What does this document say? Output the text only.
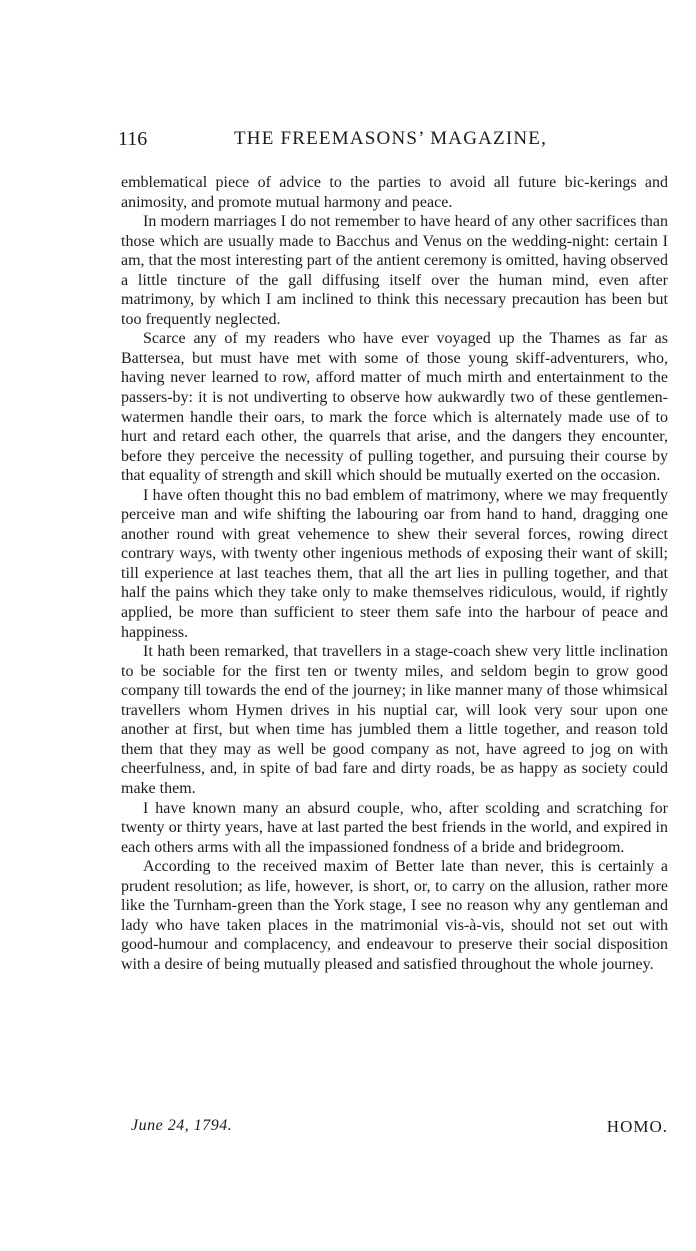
116	THE FREEMASONS’ MAGAZINE,

emblematical piece of advice to the parties to avoid all future bic-kerings and animosity, and promote mutual harmony and peace.

In modern marriages I do not remember to have heard of any other sacrifices than those which are usually made to Bacchus and Venus on the wedding-night: certain I am, that the most interesting part of the antient ceremony is omitted, having observed a little tincture of the gall diffusing itself over the human mind, even after matrimony, by which I am inclined to think this necessary precaution has been but too frequently neglected.

Scarce any of my readers who have ever voyaged up the Thames as far as Battersea, but must have met with some of those young skiff-adventurers, who, having never learned to row, afford matter of much mirth and entertainment to the passers-by: it is not undiverting to observe how aukwardly two of these gentlemen-watermen handle their oars, to mark the force which is alternately made use of to hurt and retard each other, the quarrels that arise, and the dangers they encounter, before they perceive the necessity of pulling together, and pursuing their course by that equality of strength and skill which should be mutually exerted on the occasion.

I have often thought this no bad emblem of matrimony, where we may frequently perceive man and wife shifting the labouring oar from hand to hand, dragging one another round with great vehemence to shew their several forces, rowing direct contrary ways, with twenty other ingenious methods of exposing their want of skill; till experience at last teaches them, that all the art lies in pulling together, and that half the pains which they take only to make themselves ridiculous, would, if rightly applied, be more than sufficient to steer them safe into the harbour of peace and happiness.

It hath been remarked, that travellers in a stage-coach shew very little inclination to be sociable for the first ten or twenty miles, and seldom begin to grow good company till towards the end of the journey; in like manner many of those whimsical travellers whom Hymen drives in his nuptial car, will look very sour upon one another at first, but when time has jumbled them a little together, and reason told them that they may as well be good company as not, have agreed to jog on with cheerfulness, and, in spite of bad fare and dirty roads, be as happy as society could make them.

I have known many an absurd couple, who, after scolding and scratching for twenty or thirty years, have at last parted the best friends in the world, and expired in each others arms with all the impassioned fondness of a bride and bridegroom.

According to the received maxim of Better late than never, this is certainly a prudent resolution; as life, however, is short, or, to carry on the allusion, rather more like the Turnham-green than the York stage, I see no reason why any gentleman and lady who have taken places in the matrimonial vis-à-vis, should not set out with good-humour and complacency, and endeavour to preserve their social disposition with a desire of being mutually pleased and satisfied throughout the whole journey.

June 24, 1794.	HOMO.
